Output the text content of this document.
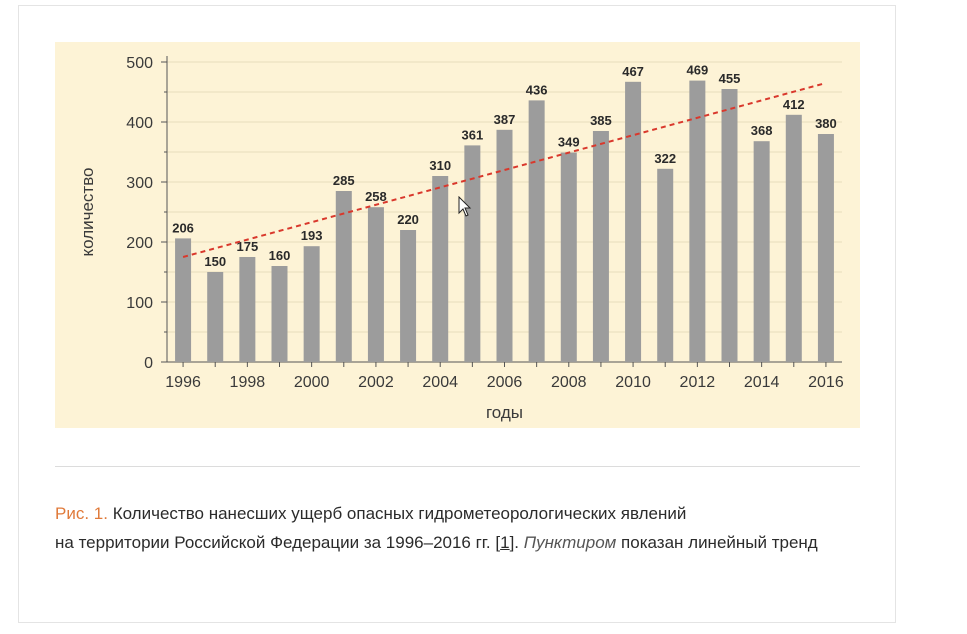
0
100
200
300
400
500
206
150
175
160
193
285
258
220
310
361
387
436
349
385
467
322
469
455
368
412
380
1996 1998 2000 2002 2004 2006 2008 2010 2012 2014 2016
годы
количество
Рис. 1. Количество нанесших ущерб опасных гидрометеорологических явлений
на территории Российской Федерации за 1996–2016 гг. [1]. Пунктиром показан линейный тренд
